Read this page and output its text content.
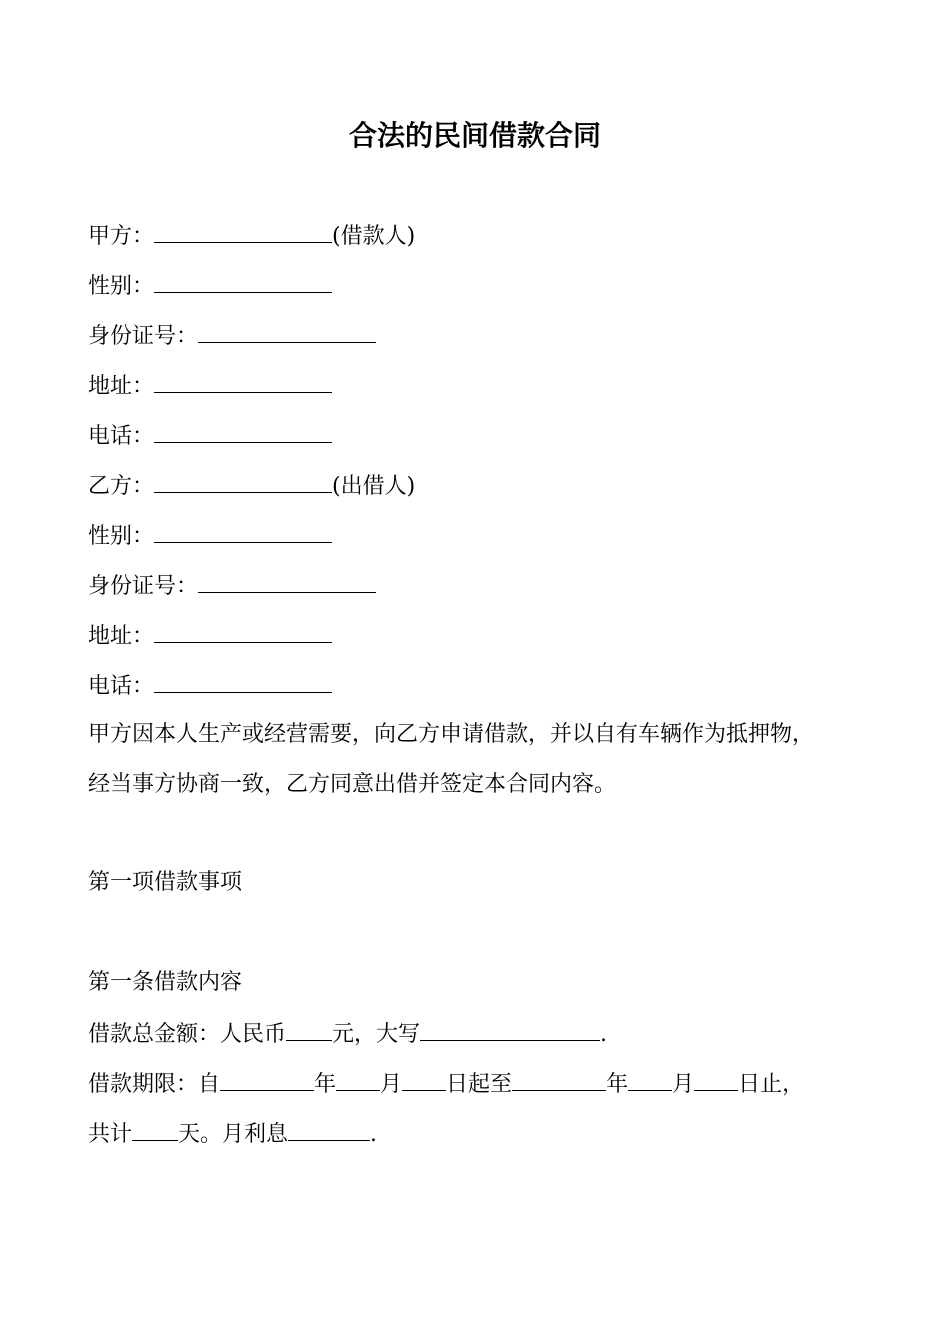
合法的民间借款合同
甲方：	(借款人)
性别：
身份证号：
地址：
电话：
乙方：	(出借人)
性别：
身份证号：
地址：
电话：
甲方因本人生产或经营需要，向乙方申请借款，并以自有车辆作为抵押物，
经当事方协商一致，乙方同意出借并签定本合同内容。
第一项借款事项
第一条借款内容
借款总金额：人民币 元，大写	.
借款期限：自	年 月 日起至	年 月 日止，
共计 天。月利息	.
